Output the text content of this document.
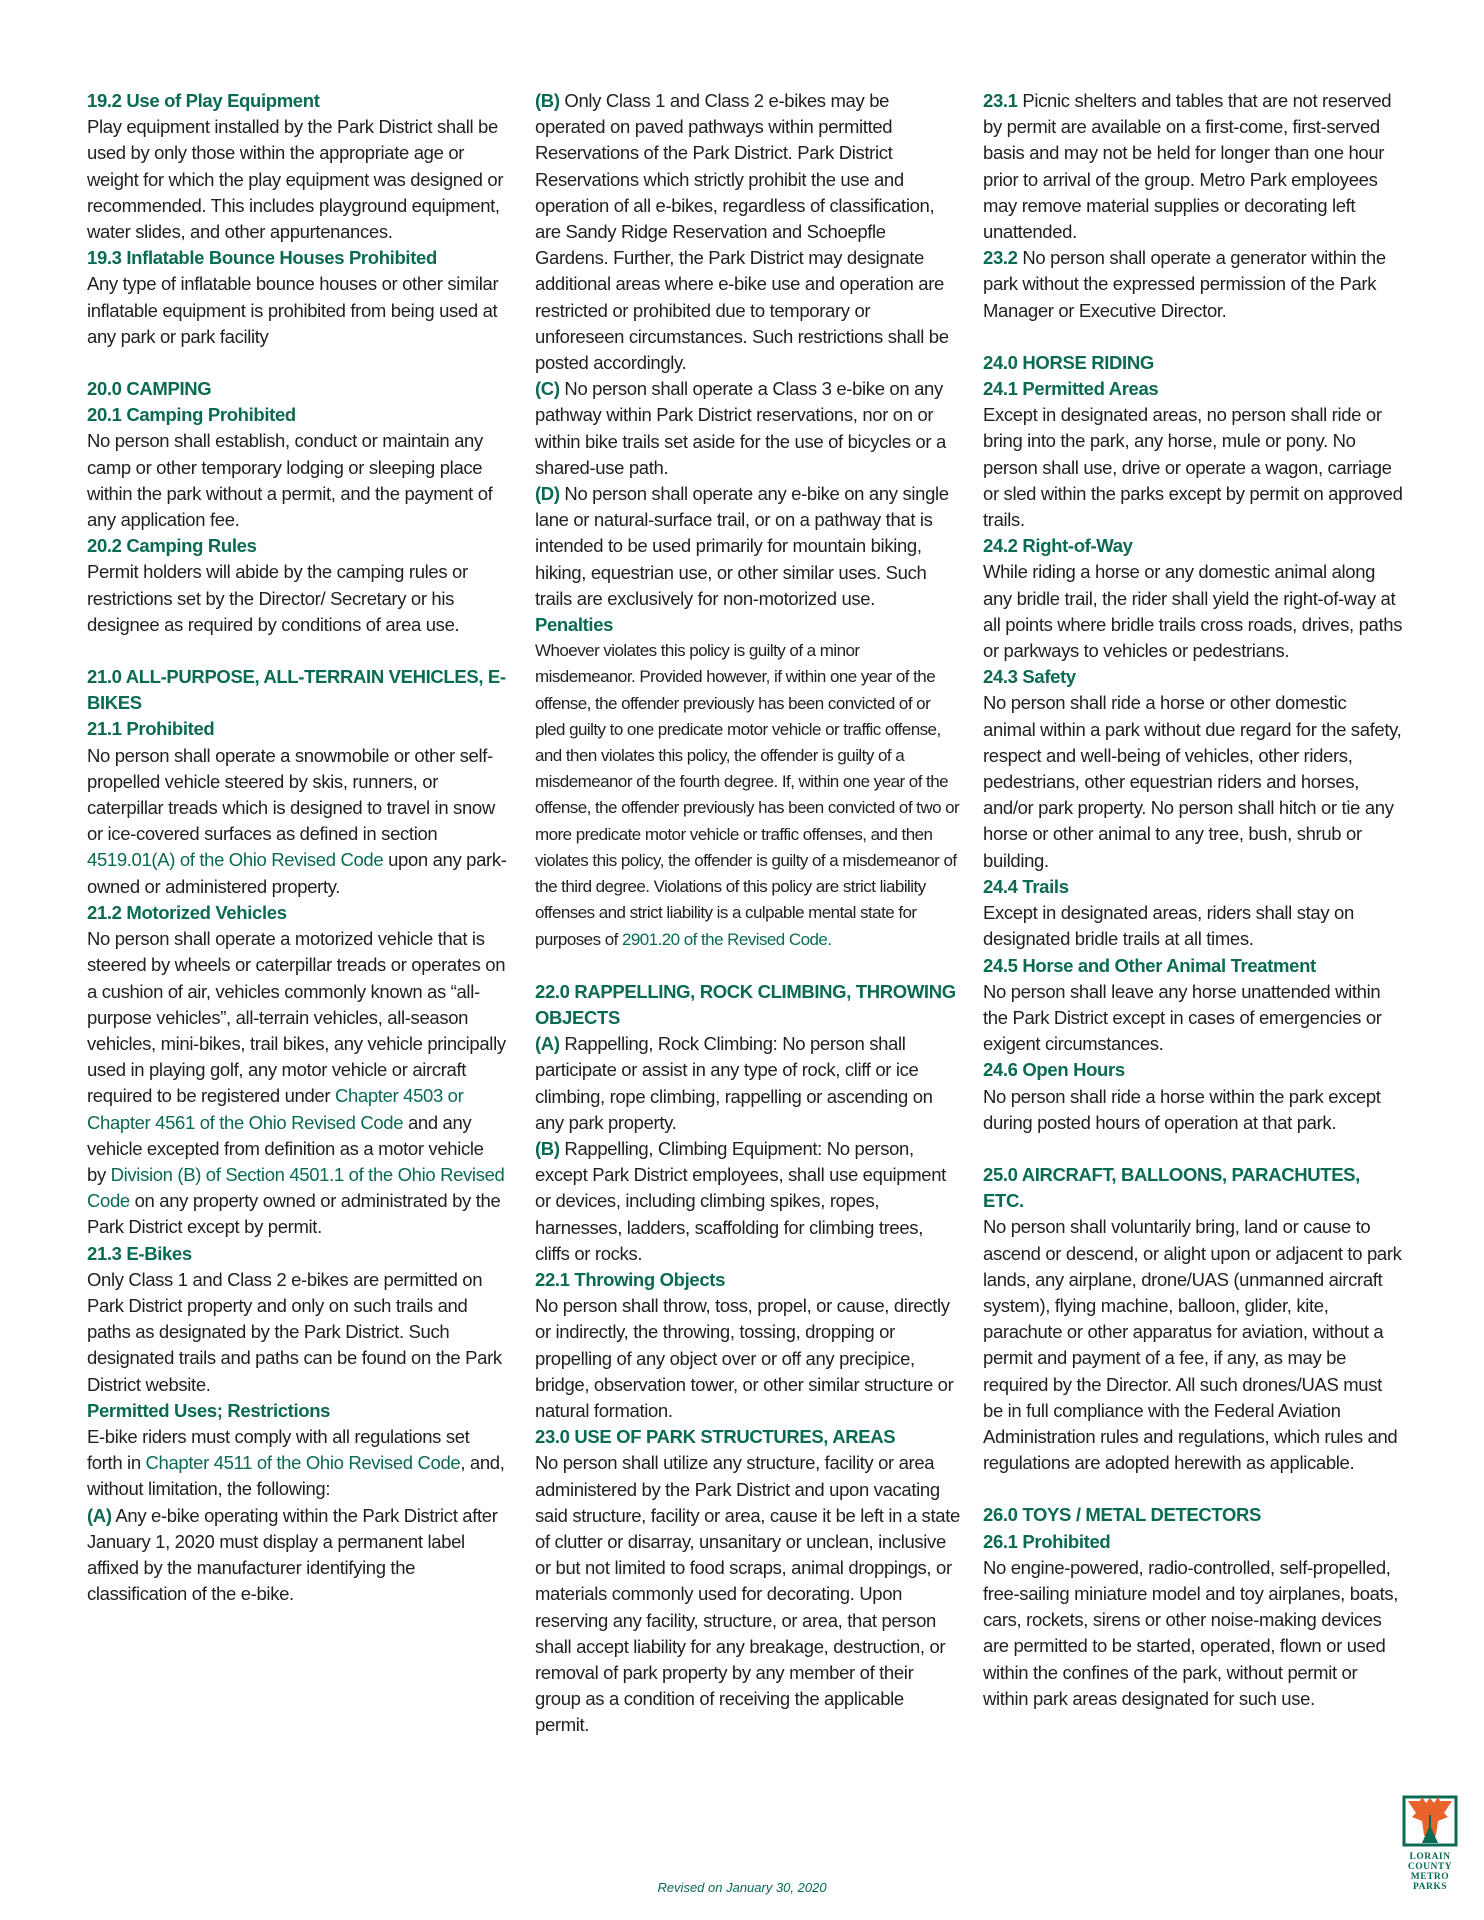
19.2 Use of Play Equipment
Play equipment installed by the Park District shall be used by only those within the appropriate age or weight for which the play equipment was designed or recommended. This includes playground equipment, water slides, and other appurtenances.
19.3 Inflatable Bounce Houses Prohibited
Any type of inflatable bounce houses or other similar inflatable equipment is prohibited from being used at any park or park facility
20.0 CAMPING
20.1 Camping Prohibited
No person shall establish, conduct or maintain any camp or other temporary lodging or sleeping place within the park without a permit, and the payment of any application fee.
20.2 Camping Rules
Permit holders will abide by the camping rules or restrictions set by the Director/ Secretary or his designee as required by conditions of area use.
21.0 ALL-PURPOSE, ALL-TERRAIN VEHICLES, E-BIKES
21.1 Prohibited
No person shall operate a snowmobile or other self-propelled vehicle steered by skis, runners, or caterpillar treads which is designed to travel in snow or ice-covered surfaces as defined in section 4519.01(A) of the Ohio Revised Code upon any park-owned or administered property.
21.2 Motorized Vehicles
No person shall operate a motorized vehicle that is steered by wheels or caterpillar treads or operates on a cushion of air, vehicles commonly known as “all-purpose vehicles”, all-terrain vehicles, all-season vehicles, mini-bikes, trail bikes, any vehicle principally used in playing golf, any motor vehicle or aircraft required to be registered under Chapter 4503 or Chapter 4561 of the Ohio Revised Code and any vehicle excepted from definition as a motor vehicle by Division (B) of Section 4501.1 of the Ohio Revised Code on any property owned or administrated by the Park District except by permit.
21.3 E-Bikes
Only Class 1 and Class 2 e-bikes are permitted on Park District property and only on such trails and paths as designated by the Park District. Such designated trails and paths can be found on the Park District website.
Permitted Uses; Restrictions
E-bike riders must comply with all regulations set forth in Chapter 4511 of the Ohio Revised Code, and, without limitation, the following:
(A) Any e-bike operating within the Park District after January 1, 2020 must display a permanent label affixed by the manufacturer identifying the classification of the e-bike.
(B) Only Class 1 and Class 2 e-bikes may be operated on paved pathways within permitted Reservations of the Park District. Park District Reservations which strictly prohibit the use and operation of all e-bikes, regardless of classification, are Sandy Ridge Reservation and Schoepfle Gardens. Further, the Park District may designate additional areas where e-bike use and operation are restricted or prohibited due to temporary or unforeseen circumstances. Such restrictions shall be posted accordingly.
(C) No person shall operate a Class 3 e-bike on any pathway within Park District reservations, nor on or within bike trails set aside for the use of bicycles or a shared-use path.
(D) No person shall operate any e-bike on any single lane or natural-surface trail, or on a pathway that is intended to be used primarily for mountain biking, hiking, equestrian use, or other similar uses. Such trails are exclusively for non-motorized use.
Penalties
Whoever violates this policy is guilty of a minor misdemeanor. Provided however, if within one year of the offense, the offender previously has been convicted of or pled guilty to one predicate motor vehicle or traffic offense, and then violates this policy, the offender is guilty of a misdemeanor of the fourth degree. If, within one year of the offense, the offender previously has been convicted of two or more predicate motor vehicle or traffic offenses, and then violates this policy, the offender is guilty of a misdemeanor of the third degree. Violations of this policy are strict liability offenses and strict liability is a culpable mental state for purposes of 2901.20 of the Revised Code.
22.0 RAPPELLING, ROCK CLIMBING, THROWING OBJECTS
(A) Rappelling, Rock Climbing: No person shall participate or assist in any type of rock, cliff or ice climbing, rope climbing, rappelling or ascending on any park property.
(B) Rappelling, Climbing Equipment: No person, except Park District employees, shall use equipment or devices, including climbing spikes, ropes, harnesses, ladders, scaffolding for climbing trees, cliffs or rocks.
22.1 Throwing Objects
No person shall throw, toss, propel, or cause, directly or indirectly, the throwing, tossing, dropping or propelling of any object over or off any precipice, bridge, observation tower, or other similar structure or natural formation.
23.0 USE OF PARK STRUCTURES, AREAS
No person shall utilize any structure, facility or area administered by the Park District and upon vacating said structure, facility or area, cause it be left in a state of clutter or disarray, unsanitary or unclean, inclusive or but not limited to food scraps, animal droppings, or materials commonly used for decorating. Upon reserving any facility, structure, or area, that person shall accept liability for any breakage, destruction, or removal of park property by any member of their group as a condition of receiving the applicable permit.
23.1 Picnic shelters and tables that are not reserved by permit are available on a first-come, first-served basis and may not be held for longer than one hour prior to arrival of the group. Metro Park employees may remove material supplies or decorating left unattended.
23.2 No person shall operate a generator within the park without the expressed permission of the Park Manager or Executive Director.
24.0 HORSE RIDING
24.1 Permitted Areas
Except in designated areas, no person shall ride or bring into the park, any horse, mule or pony. No person shall use, drive or operate a wagon, carriage or sled within the parks except by permit on approved trails.
24.2 Right-of-Way
While riding a horse or any domestic animal along any bridle trail, the rider shall yield the right-of-way at all points where bridle trails cross roads, drives, paths or parkways to vehicles or pedestrians.
24.3 Safety
No person shall ride a horse or other domestic animal within a park without due regard for the safety, respect and well-being of vehicles, other riders, pedestrians, other equestrian riders and horses, and/or park property. No person shall hitch or tie any horse or other animal to any tree, bush, shrub or building.
24.4 Trails
Except in designated areas, riders shall stay on designated bridle trails at all times.
24.5 Horse and Other Animal Treatment
No person shall leave any horse unattended within the Park District except in cases of emergencies or exigent circumstances.
24.6 Open Hours
No person shall ride a horse within the park except during posted hours of operation at that park.
25.0 AIRCRAFT, BALLOONS, PARACHUTES, ETC.
No person shall voluntarily bring, land or cause to ascend or descend, or alight upon or adjacent to park lands, any airplane, drone/UAS (unmanned aircraft system), flying machine, balloon, glider, kite, parachute or other apparatus for aviation, without a permit and payment of a fee, if any, as may be required by the Director. All such drones/UAS must be in full compliance with the Federal Aviation Administration rules and regulations, which rules and regulations are adopted herewith as applicable.
26.0 TOYS / METAL DETECTORS
26.1 Prohibited
No engine-powered, radio-controlled, self-propelled, free-sailing miniature model and toy airplanes, boats, cars, rockets, sirens or other noise-making devices are permitted to be started, operated, flown or used within the confines of the park, without permit or within park areas designated for such use.
Revised on January 30, 2020
LORAIN
COUNTY
METRO
PARKS
